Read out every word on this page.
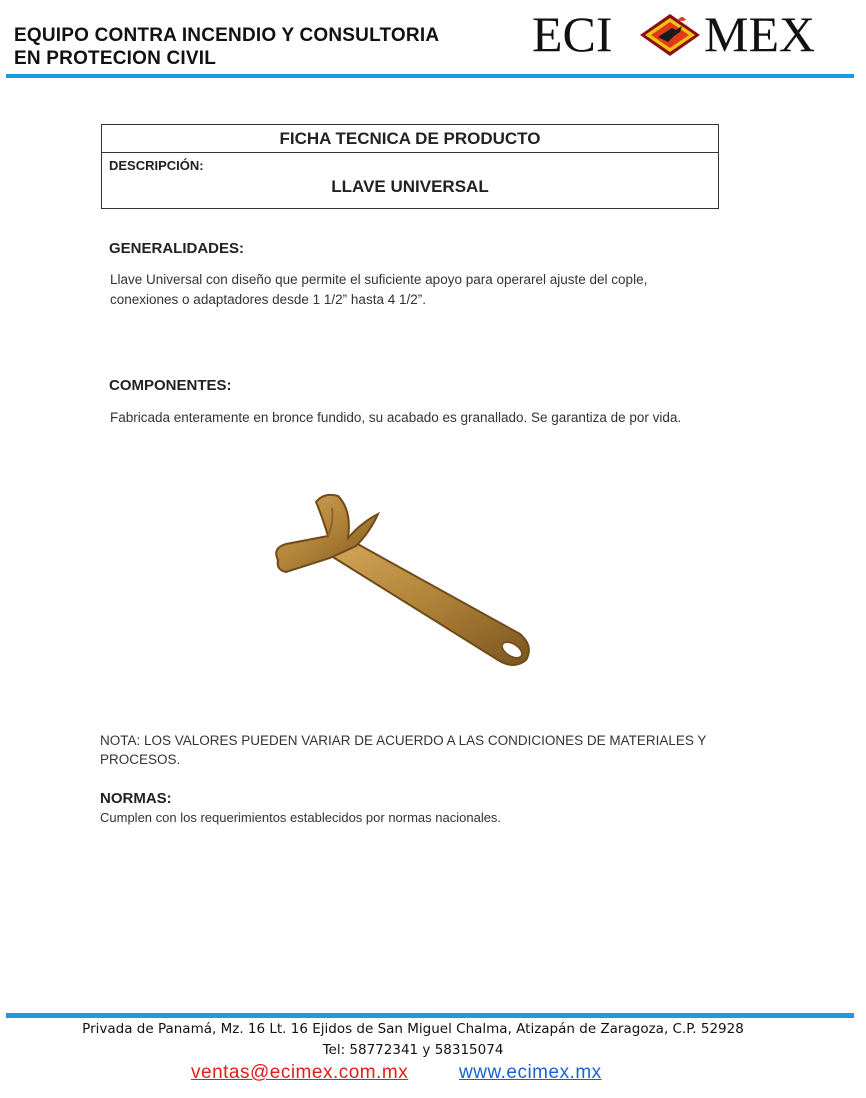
EQUIPO CONTRA INCENDIO Y CONSULTORIA
EN PROTECION CIVIL	ECI MEX
FICHA TECNICA DE PRODUCTO
DESCRIPCIÓN:
LLAVE UNIVERSAL
GENERALIDADES:
Llave Universal con diseño que permite el suficiente apoyo para operarel ajuste del cople,
conexiones o adaptadores desde 1 1/2” hasta 4 1/2”.
COMPONENTES:
Fabricada enteramente en bronce fundido, su acabado es granallado. Se garantiza de por vida.
NOTA: LOS VALORES PUEDEN VARIAR DE ACUERDO A LAS CONDICIONES DE MATERIALES Y
PROCESOS.
NORMAS:
Cumplen con los requerimientos establecidos por normas nacionales.
Privada de Panamá, Mz. 16 Lt. 16 Ejidos de San Miguel Chalma, Atizapán de Zaragoza, C.P. 52928
Tel: 58772341 y 58315074
ventas@ecimex.com.mx	www.ecimex.mx
